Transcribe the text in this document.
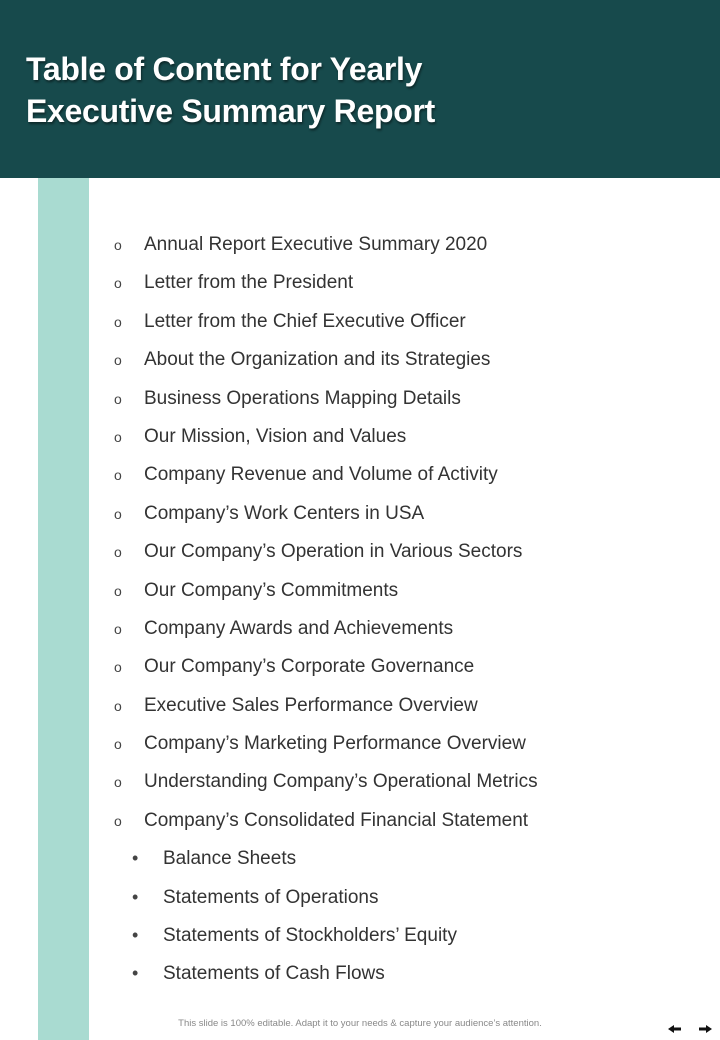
Table of Content for Yearly
Executive Summary Report
o Annual Report Executive Summary 2020
o Letter from the President
o Letter from the Chief Executive Officer
o About the Organization and its Strategies
o Business Operations Mapping Details
o Our Mission, Vision and Values
o Company Revenue and Volume of Activity
o Company’s Work Centers in USA
o Our Company’s Operation in Various Sectors
o Our Company’s Commitments
o Company Awards and Achievements
o Our Company’s Corporate Governance
o Executive Sales Performance Overview
o Company’s Marketing Performance Overview
o Understanding Company’s Operational Metrics
o Company’s Consolidated Financial Statement
• Balance Sheets
• Statements of Operations
• Statements of Stockholders’ Equity
• Statements of Cash Flows
This slide is 100% editable. Adapt it to your needs & capture your audience’s attention.
